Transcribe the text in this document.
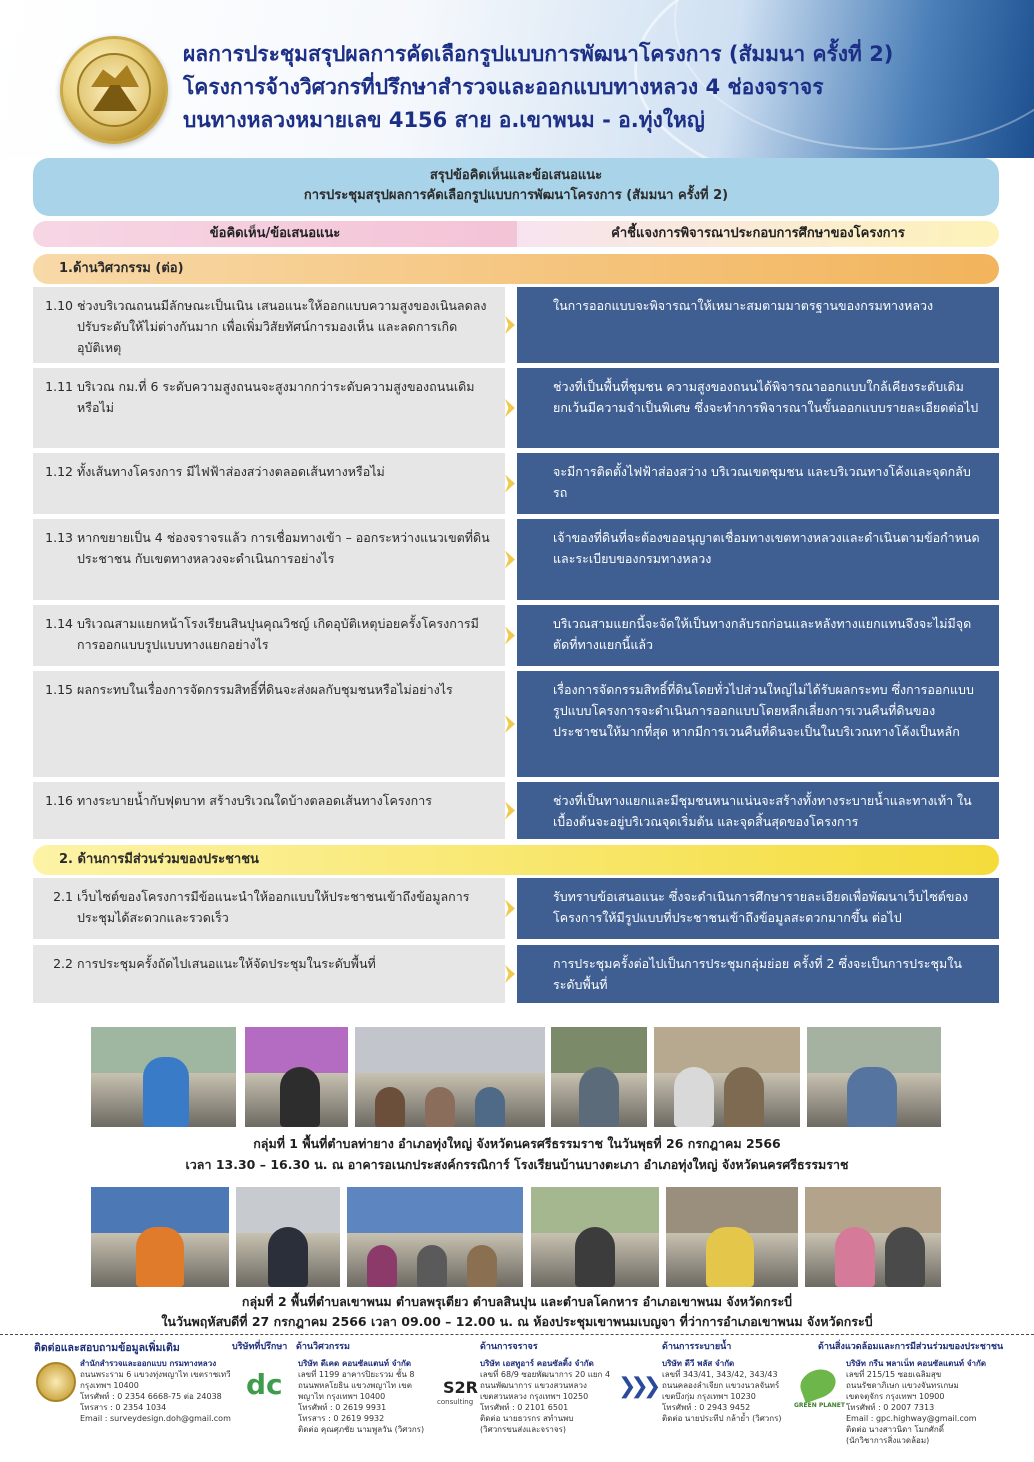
ผลการประชุมสรุปผลการคัดเลือกรูปแบบการพัฒนาโครงการ (สัมมนา ครั้งที่ 2)
โครงการจ้างวิศวกรที่ปรึกษาสำรวจและออกแบบทางหลวง 4 ช่องจราจร
บนทางหลวงหมายเลข 4156 สาย อ.เขาพนม - อ.ทุ่งใหญ่
สรุปข้อคิดเห็นและข้อเสนอแนะ
การประชุมสรุปผลการคัดเลือกรูปแบบการพัฒนาโครงการ (สัมมนา ครั้งที่ 2)
ข้อคิดเห็น/ข้อเสนอแนะ	คำชี้แจงการพิจารณาประกอบการศึกษาของโครงการ
1.ด้านวิศวกรรม (ต่อ)
1.10 ช่วงบริเวณถนนมีลักษณะเป็นเนิน เสนอแนะให้ออกแบบความสูงของเนินลดลงปรับระดับให้ไม่ต่างกันมาก เพื่อเพิ่มวิสัยทัศน์การมองเห็น และลดการเกิดอุบัติเหตุ
ในการออกแบบจะพิจารณาให้เหมาะสมตามมาตรฐานของกรมทางหลวง
1.11 บริเวณ กม.ที่ 6 ระดับความสูงถนนจะสูงมากกว่าระดับความสูงของถนนเดิมหรือไม่
ช่วงที่เป็นพื้นที่ชุมชน ความสูงของถนนได้พิจารณาออกแบบใกล้เคียงระดับเดิม ยกเว้นมีความจำเป็นพิเศษ ซึ่งจะทำการพิจารณาในขั้นออกแบบรายละเอียดต่อไป
1.12 ทั้งเส้นทางโครงการ มีไฟฟ้าส่องสว่างตลอดเส้นทางหรือไม่	จะมีการติดตั้งไฟฟ้าส่องสว่าง บริเวณเขตชุมชน และบริเวณทางโค้งและจุดกลับรถ
1.13 หากขยายเป็น 4 ช่องจราจรแล้ว การเชื่อมทางเข้า – ออกระหว่างแนวเขตที่ดินประชาชน กับเขตทางหลวงจะดำเนินการอย่างไร
เจ้าของที่ดินที่จะต้องขออนุญาตเชื่อมทางเขตทางหลวงและดำเนินตามข้อกำหนดและระเบียบของกรมทางหลวง
1.14 บริเวณสามแยกหน้าโรงเรียนสินปุนคุณวิชญ์ เกิดอุบัติเหตุบ่อยครั้งโครงการมีการออกแบบรูปแบบทางแยกอย่างไร
บริเวณสามแยกนี้จะจัดให้เป็นทางกลับรถก่อนและหลังทางแยกแทนจึงจะไม่มีจุดตัดที่ทางแยกนี้แล้ว
1.15 ผลกระทบในเรื่องการจัดกรรมสิทธิ์ที่ดินจะส่งผลกับชุมชนหรือไม่อย่างไร	เรื่องการจัดกรรมสิทธิ์ที่ดินโดยทั่วไปส่วนใหญ่ไม่ได้รับผลกระทบ ซึ่งการออกแบบรูปแบบโครงการจะดำเนินการออกแบบโดยหลีกเลี่ยงการเวนคืนที่ดินของประชาชนให้มากที่สุด หากมีการเวนคืนที่ดินจะเป็นในบริเวณทางโค้งเป็นหลัก
1.16 ทางระบายน้ำกับฟุตบาท สร้างบริเวณใดบ้างตลอดเส้นทางโครงการ	ช่วงที่เป็นทางแยกและมีชุมชนหนาแน่นจะสร้างทั้งทางระบายน้ำและทางเท้า ในเบื้องต้นจะอยู่บริเวณจุดเริ่มต้น และจุดสิ้นสุดของโครงการ
2. ด้านการมีส่วนร่วมของประชาชน
2.1 เว็บไซต์ของโครงการมีข้อแนะนำให้ออกแบบให้ประชาชนเข้าถึงข้อมูลการประชุมได้สะดวกและรวดเร็ว
รับทราบข้อเสนอแนะ ซึ่งจะดำเนินการศึกษารายละเอียดเพื่อพัฒนาเว็บไซต์ของโครงการให้มีรูปแบบที่ประชาชนเข้าถึงข้อมูลสะดวกมากขึ้น ต่อไป
2.2 การประชุมครั้งถัดไปเสนอแนะให้จัดประชุมในระดับพื้นที่	การประชุมครั้งต่อไปเป็นการประชุมกลุ่มย่อย ครั้งที่ 2 ซึ่งจะเป็นการประชุมในระดับพื้นที่
กลุ่มที่ 1 พื้นที่ตำบลท่ายาง อำเภอทุ่งใหญ่ จังหวัดนครศรีธรรมราช ในวันพุธที่ 26 กรกฎาคม 2566
เวลา 13.30 – 16.30 น. ณ อาคารอเนกประสงค์กรรณิการ์ โรงเรียนบ้านบางตะเภา อำเภอทุ่งใหญ่ จังหวัดนครศรีธรรมราช
กลุ่มที่ 2 พื้นที่ตำบลเขาพนม ตำบลพรุเตียว ตำบลสินปุน และตำบลโคกหาร อำเภอเขาพนม จังหวัดกระบี่
ในวันพฤหัสบดีที่ 27 กรกฎาคม 2566 เวลา 09.00 – 12.00 น. ณ ห้องประชุมเขาพนมเบญจา ที่ว่าการอำเภอเขาพนม จังหวัดกระบี่
ติดต่อและสอบถามข้อมูลเพิ่มเติม	บริษัทที่ปรึกษา ด้านวิศวกรรม	ด้านการจราจร	ด้านการระบายน้ำ	ด้านสิ่งแวดล้อมและการมีส่วนร่วมของประชาชน
สำนักสำรวจและออกแบบ กรมทางหลวง
ถนนพระราม 6 แขวงทุ่งพญาไท เขตราชเทวี
กรุงเทพฯ 10400
โทรศัพท์ : 0 2354 6668-75 ต่อ 24038
โทรสาร : 0 2354 1034
Email : surveydesign.doh@gmail.com
dc
บริษัท ดีเคด คอนซัลแตนท์ จำกัด
เลขที่ 1199 อาคารปิยะรวม ชั้น 8
ถนนพหลโยธิน แขวงพญาไท เขต
พญาไท กรุงเทพฯ 10400
โทรศัพท์ : 0 2619 9931
โทรสาร : 0 2619 9932
ติดต่อ คุณศุภชัย นามพูลวัน (วิศวกร)
S2R
consulting
บริษัท เอสทูอาร์ คอนซัลติ้ง จำกัด
เลขที่ 68/9 ซอยพัฒนาการ 20 แยก 4
ถนนพัฒนาการ แขวงสวนหลวง
เขตสวนหลวง กรุงเทพฯ 10250
โทรศัพท์ : 0 2101 6501
ติดต่อ นายธวรกร สทำนพบ
(วิศวกรขนส่งและจราจร)
❯❯❯
บริษัท ดีวี พลัส จำกัด
เลขที่ 343/41, 343/42, 343/43
ถนนคลองลำเจียก แขวงนวลจันทร์
เขตบึงกุ่ม กรุงเทพฯ 10230
โทรศัพท์ : 0 2943 9452
ติดต่อ นายประทีป กล้าย้ำ (วิศวกร)
GREEN PLANET
บริษัท กรีน พลาเน็ท คอนซัลแตนท์ จำกัด
เลขที่ 215/15 ซอยเฉลิมสุข
ถนนรัชดาภิเษก แขวงจันทรเกษม
เขตจตุจักร กรุงเทพฯ 10900
โทรศัพท์ : 0 2007 7313
Email : gpc.highway@gmail.com
ติดต่อ นางสาวนิดา โมกศักดิ์
(นักวิชาการสิ่งแวดล้อม)
